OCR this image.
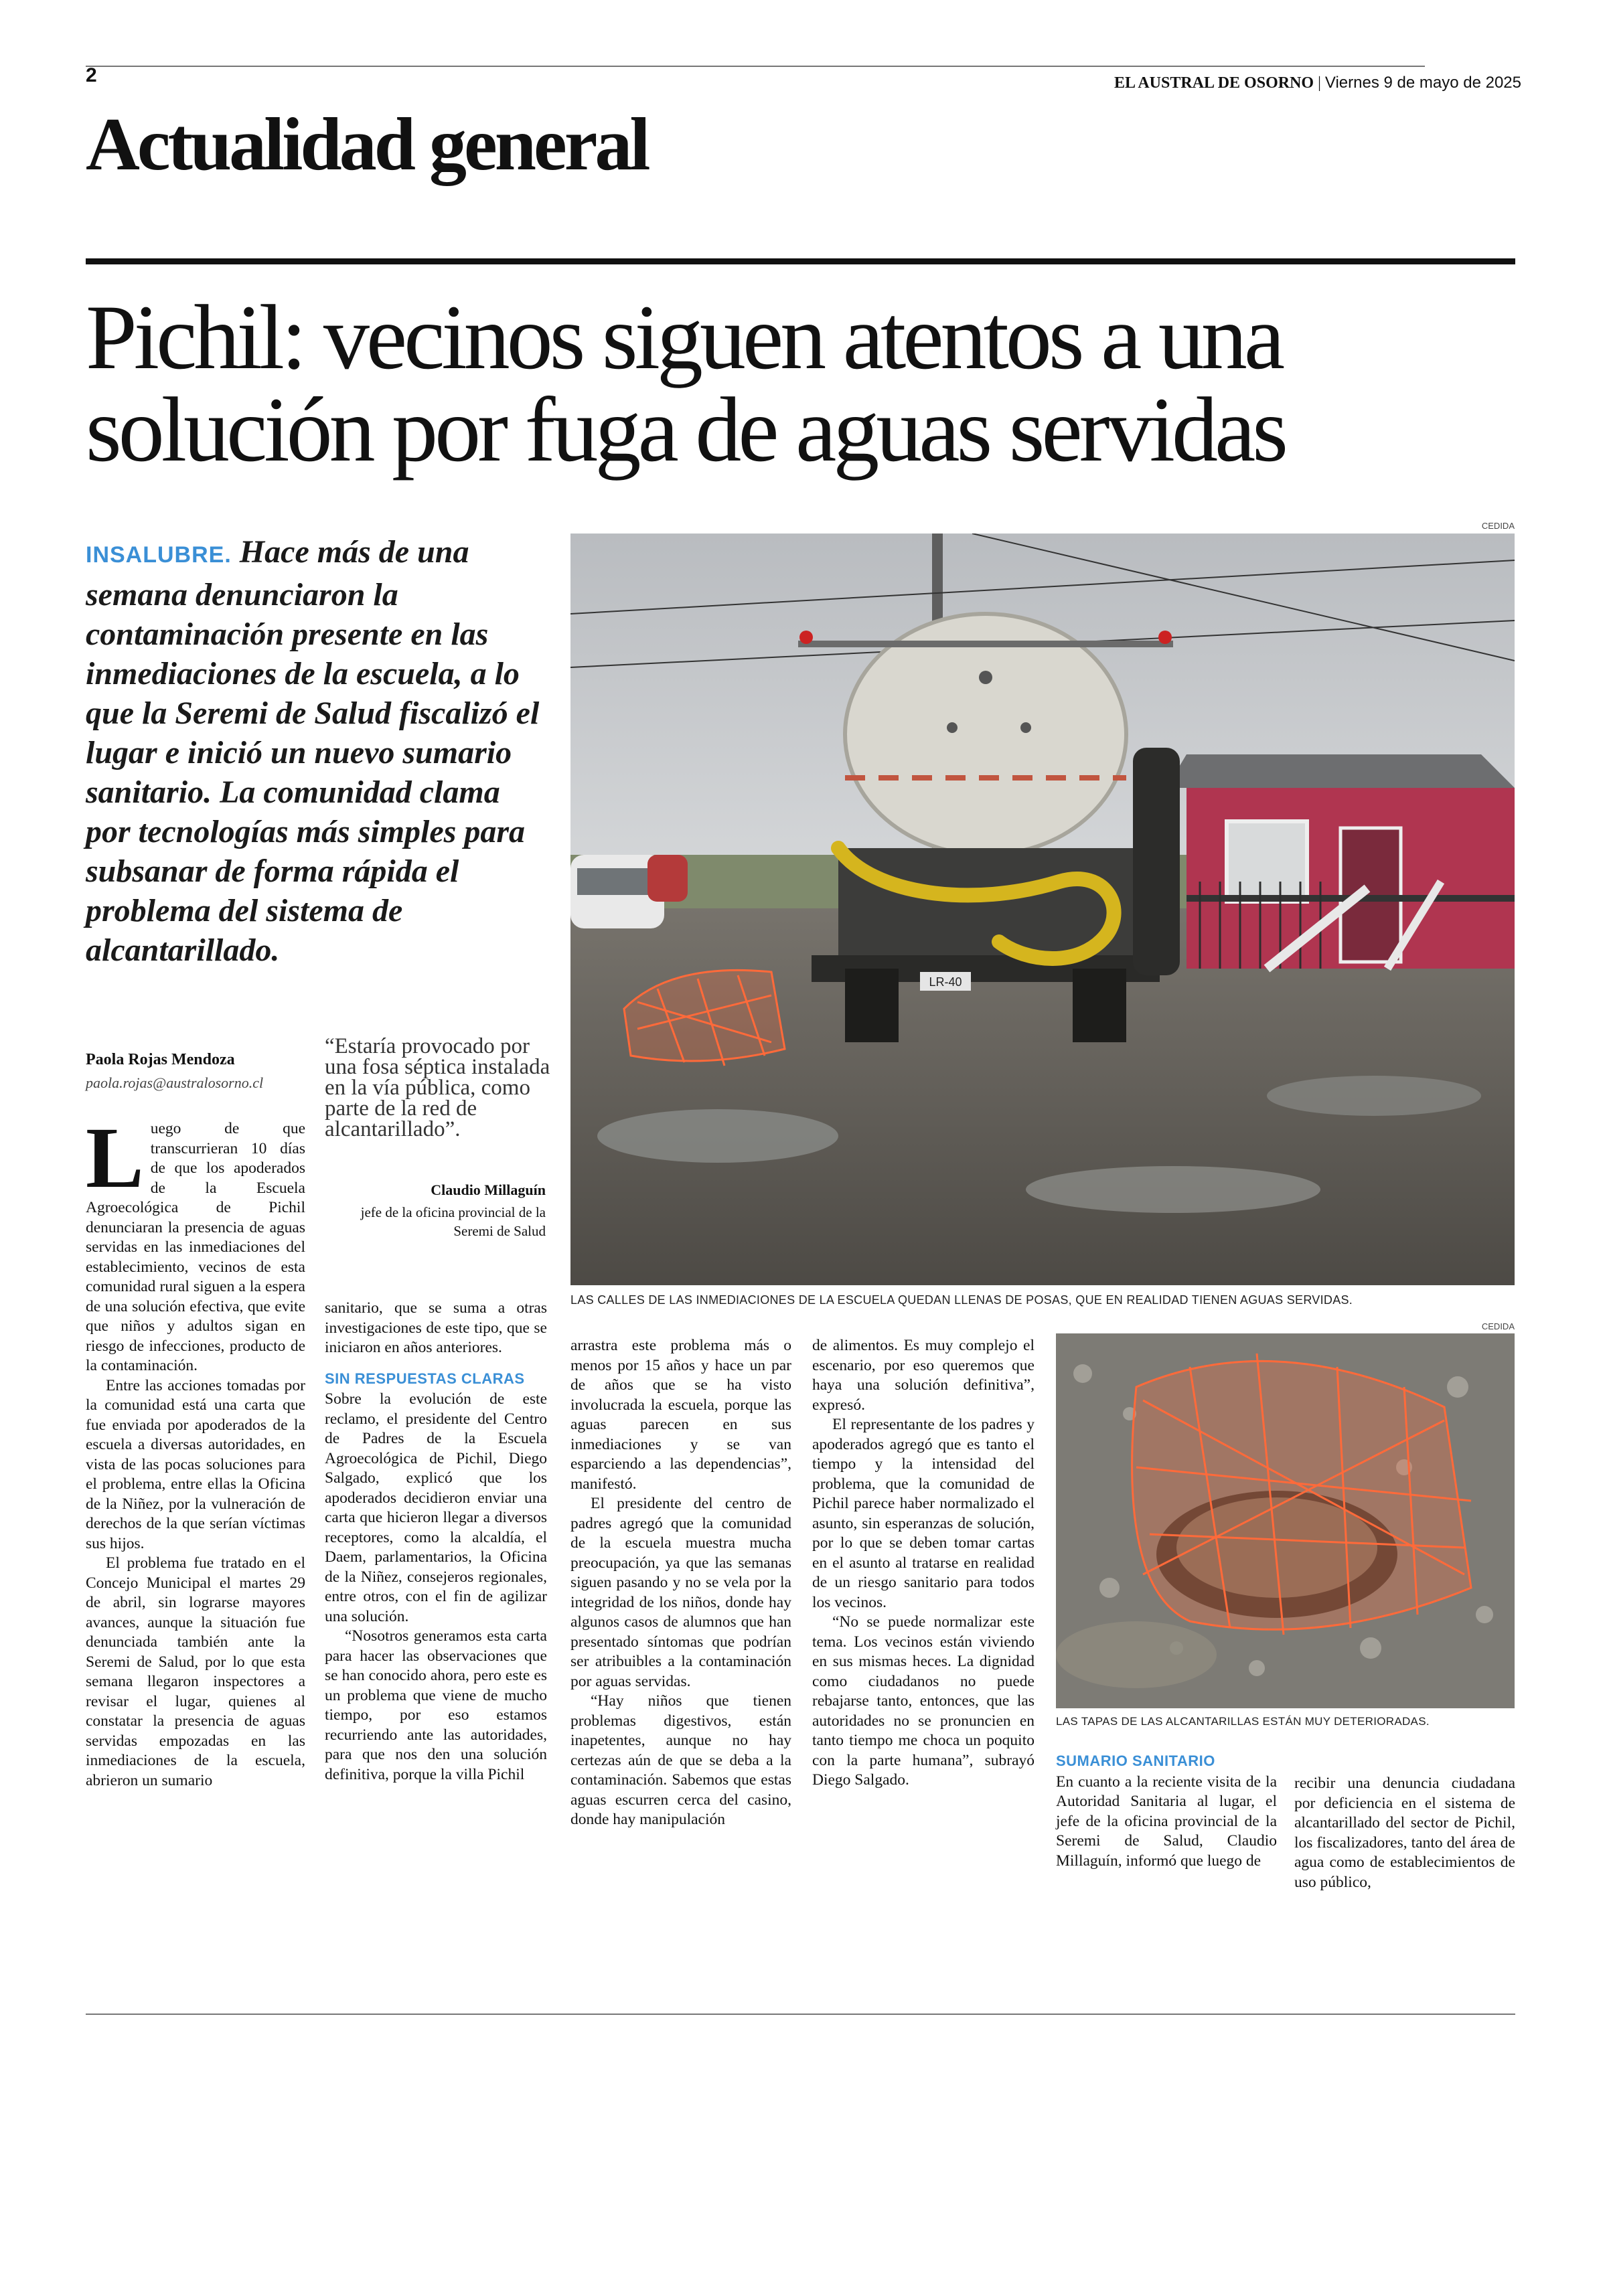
2	EL AUSTRAL DE OSORNO | Viernes 9 de mayo de 2025
Actualidad general
Pichil: vecinos siguen atentos a una
solución por fuga de aguas servidas
INSALUBRE. Hace más de una semana denunciaron la contaminación presente en las inmediaciones de la escuela, a lo que la Seremi de Salud fiscalizó el lugar e inició un nuevo sumario sanitario. La comunidad clama por tecnologías más simples para subsanar de forma rápida el problema del sistema de alcantarillado.
Paola Rojas Mendoza
paola.rojas@australosorno.cl
“Estaría provocado por una fosa séptica instalada en la vía pública, como parte de la red de alcantarillado”.
Claudio Millaguín
jefe de la oficina provincial de la Seremi de Salud
CEDIDA
LR-40
LAS CALLES DE LAS INMEDIACIONES DE LA ESCUELA QUEDAN LLENAS DE POSAS, QUE EN REALIDAD TIENEN AGUAS SERVIDAS.
CEDIDA
LAS TAPAS DE LAS ALCANTARILLAS ESTÁN MUY DETERIORADAS.

Luego de que transcurrieran 10 días de que los apoderados de la Escuela Agroecológica de Pichil denunciaran la presencia de aguas servidas en las inmediaciones del establecimiento, vecinos de esta comunidad rural siguen a la espera de una solución efectiva, que evite que niños y adultos sigan en riesgo de infecciones, producto de la contaminación.

Entre las acciones tomadas por la comunidad está una carta que fue enviada por apoderados de la escuela a diversas autoridades, en vista de las pocas soluciones para el problema, entre ellas la Oficina de la Niñez, por la vulneración de derechos de la que serían víctimas sus hijos.

El problema fue tratado en el Concejo Municipal el martes 29 de abril, sin lograrse mayores avances, aunque la situación fue denunciada también ante la Seremi de Salud, por lo que esta semana llegaron inspectores a revisar el lugar, quienes al constatar la presencia de aguas servidas empozadas en las inmediaciones de la escuela, abrieron un sumario

sanitario, que se suma a otras investigaciones de este tipo, que se iniciaron en años anteriores.

SIN RESPUESTAS CLARAS

Sobre la evolución de este reclamo, el presidente del Centro de Padres de la Escuela Agroecológica de Pichil, Diego Salgado, explicó que los apoderados decidieron enviar una carta que hicieron llegar a diversos receptores, como la alcaldía, el Daem, parlamentarios, la Oficina de la Niñez, consejeros regionales, entre otros, con el fin de agilizar una solución.

“Nosotros generamos esta carta para hacer las observaciones que se han conocido ahora, pero este es un problema que viene de mucho tiempo, por eso estamos recurriendo ante las autoridades, para que nos den una solución definitiva, porque la villa Pichil

arrastra este problema más o menos por 15 años y hace un par de años que se ha visto involucrada la escuela, porque las aguas parecen en sus inmediaciones y se van esparciendo a las dependencias”, manifestó.

El presidente del centro de padres agregó que la comunidad de la escuela muestra mucha preocupación, ya que las semanas siguen pasando y no se vela por la integridad de los niños, donde hay algunos casos de alumnos que han presentado síntomas que podrían ser atribuibles a la contaminación por aguas servidas.

“Hay niños que tienen problemas digestivos, están inapetentes, aunque no hay certezas aún de que se deba a la contaminación. Sabemos que estas aguas escurren cerca del casino, donde hay manipulación

de alimentos. Es muy complejo el escenario, por eso queremos que haya una solución definitiva”, expresó.

El representante de los padres y apoderados agregó que es tanto el tiempo y la intensidad del problema, que la comunidad de Pichil parece haber normalizado el asunto, sin esperanzas de solución, por lo que se deben tomar cartas en el asunto al tratarse en realidad de un riesgo sanitario para todos los vecinos.

“No se puede normalizar este tema. Los vecinos están viviendo en sus mismas heces. La dignidad como ciudadanos no puede rebajarse tanto, entonces, que las autoridades no se pronuncien en tanto tiempo me choca un poquito con la parte humana”, subrayó Diego Salgado.

SUMARIO SANITARIO

En cuanto a la reciente visita de la Autoridad Sanitaria al lugar, el jefe de la oficina provincial de la Seremi de Salud, Claudio Millaguín, informó que luego de

recibir una denuncia ciudadana por deficiencia en el sistema de alcantarillado del sector de Pichil, los fiscalizadores, tanto del área de agua como de establecimientos de uso público,
